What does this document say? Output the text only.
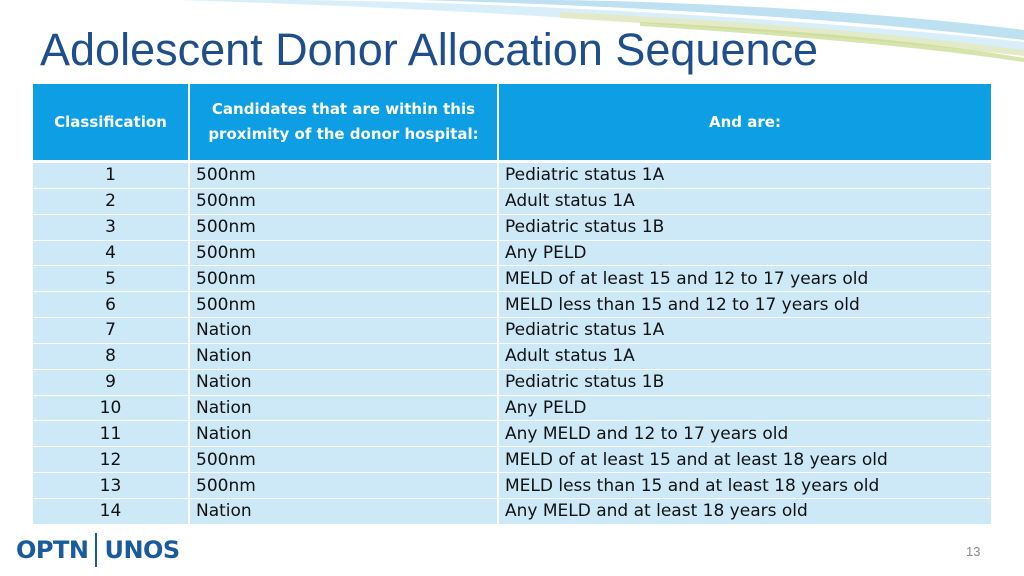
Adolescent Donor Allocation Sequence
Classification	Candidates that are within this proximity of the donor hospital:	And are:
1	500nm	Pediatric status 1A
2	500nm	Adult status 1A
3	500nm	Pediatric status 1B
4	500nm	Any PELD
5	500nm	MELD of at least 15 and 12 to 17 years old
6	500nm	MELD less than 15 and 12 to 17 years old
7	Nation	Pediatric status 1A
8	Nation	Adult status 1A
9	Nation	Pediatric status 1B
10	Nation	Any PELD
11	Nation	Any MELD and 12 to 17 years old
12	500nm	MELD of at least 15 and at least 18 years old
13	500nm	MELD less than 15 and at least 18 years old
14	Nation	Any MELD and at least 18 years old
OPTN UNOS	13
